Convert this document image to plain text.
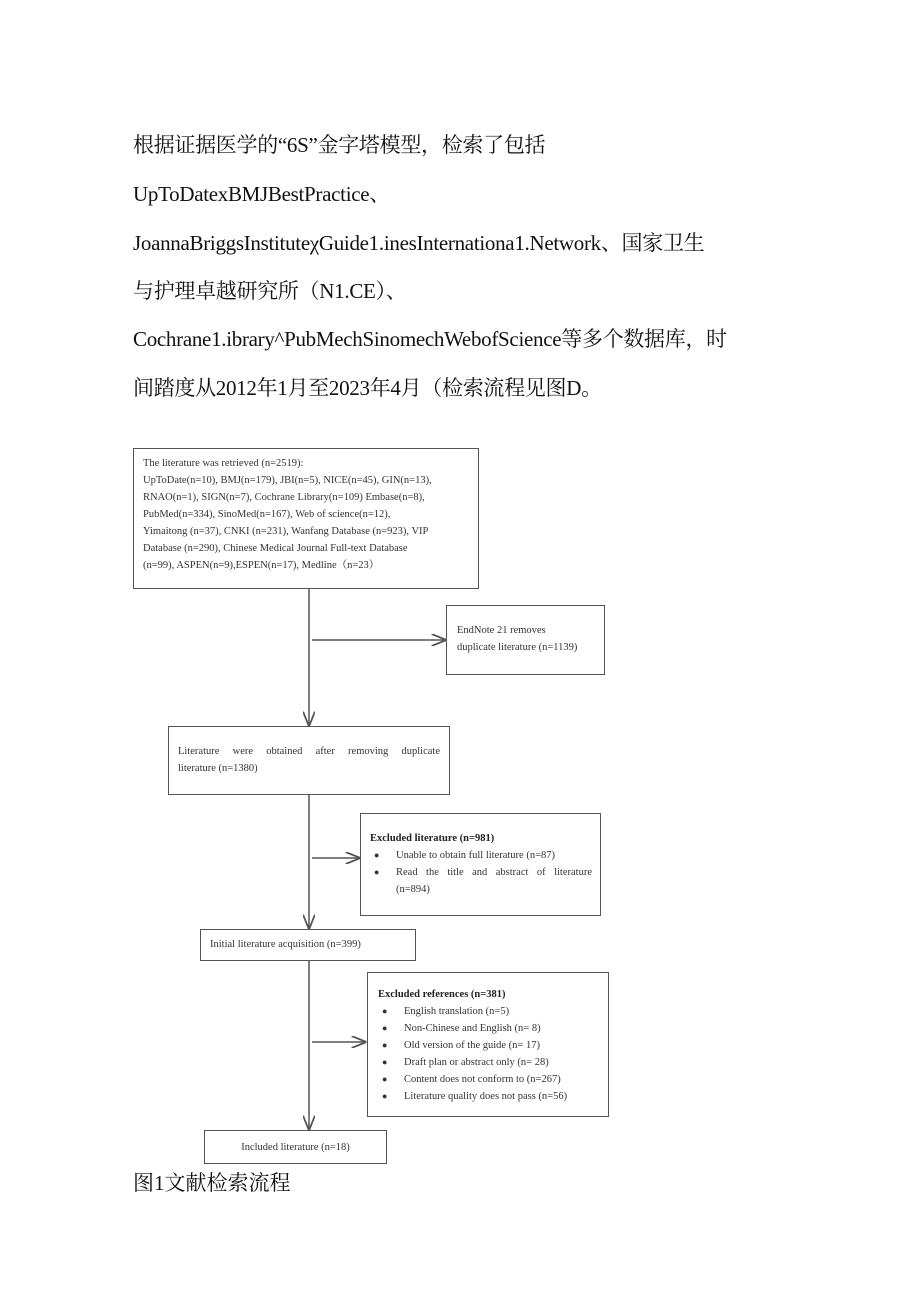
根据证据医学的“6S”金字塔模型，检索了包括
UpToDatexBMJBestPractice、
JoannaBriggsInstituteχGuide1.inesInternationa1.Network、国家卫生
与护理卓越研究所（N1.CE）、
Cochrane1.ibrary^PubMechSinomechWebofScience等多个数据库，时
间踏度从2012年1月至2023年4月（检索流程见图D。
The literature was retrieved (n=2519):
UpToDate(n=10), BMJ(n=179), JBI(n=5), NICE(n=45), GIN(n=13),
RNAO(n=1), SIGN(n=7), Cochrane Library(n=109) Embase(n=8),
PubMed(n=334), SinoMed(n=167), Web of science(n=12),
Yimaitong (n=37), CNKI (n=231), Wanfang Database (n=923), VIP
Database (n=290), Chinese Medical Journal Full-text Database
(n=99), ASPEN(n=9),ESPEN(n=17), Medline（n=23）
EndNote 21 removes
duplicate literature (n=1139)
Literature were obtained after removing duplicate
literature (n=1380)
Excluded literature (n=981)
● Unable to obtain full literature (n=87)
● Read the title and abstract of literature
(n=894)
Initial literature acquisition (n=399)
Excluded references (n=381)
● English translation (n=5)
● Non-Chinese and English (n= 8)
● Old version of the guide (n= 17)
● Draft plan or abstract only (n= 28)
● Content does not conform to (n=267)
● Literature quality does not pass (n=56)
Included literature (n=18)
图1文献检索流程
